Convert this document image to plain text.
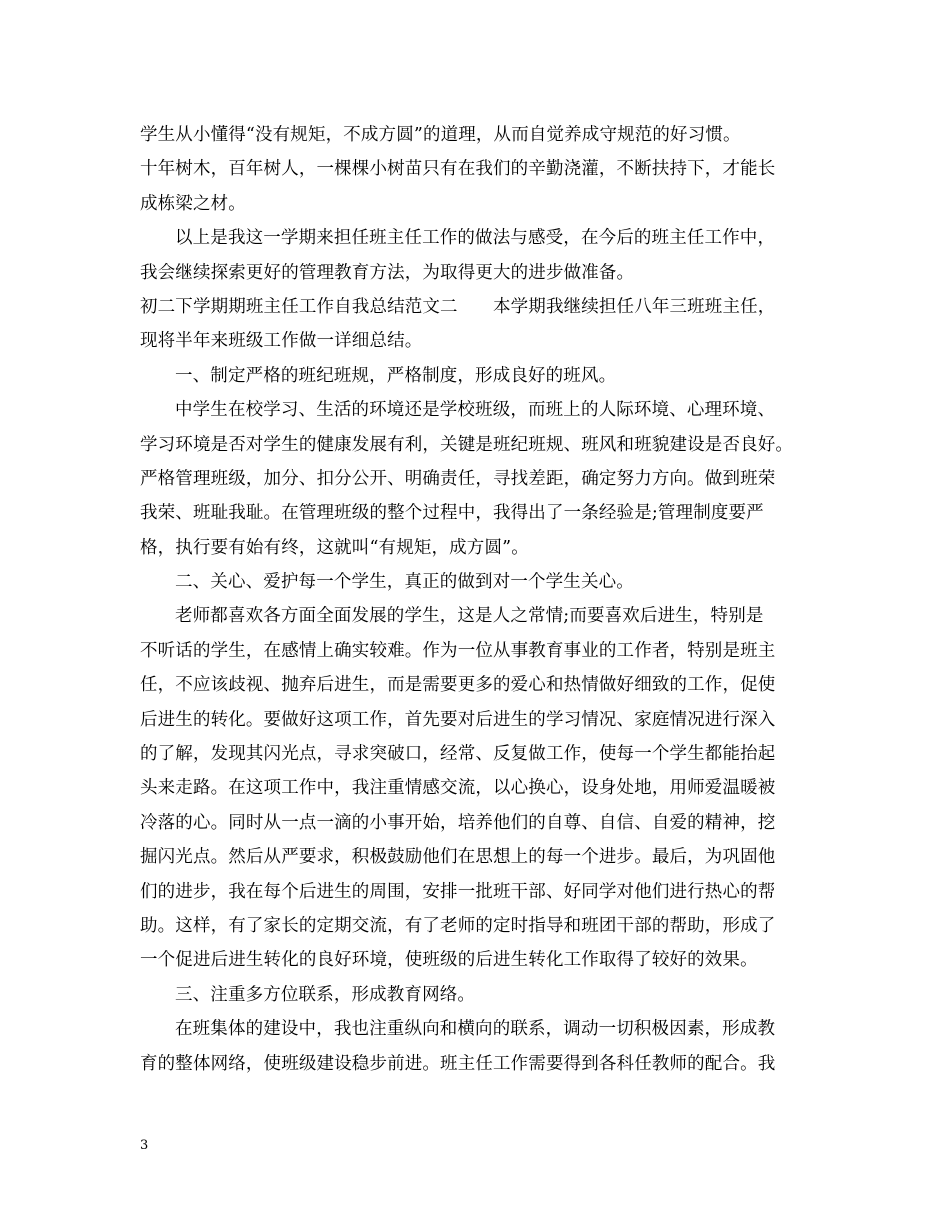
学生从小懂得“没有规矩，不成方圆”的道理，从而自觉养成守规范的好习惯。
十年树木，百年树人，一棵棵小树苗只有在我们的辛勤浇灌，不断扶持下，才能长
成栋梁之材。
以上是我这一学期来担任班主任工作的做法与感受，在今后的班主任工作中，
我会继续探索更好的管理教育方法，为取得更大的进步做准备。
初二下学期期班主任工作自我总结范文二　　本学期我继续担任八年三班班主任，
现将半年来班级工作做一详细总结。
一、制定严格的班纪班规，严格制度，形成良好的班风。
中学生在校学习、生活的环境还是学校班级，而班上的人际环境、心理环境、
学习环境是否对学生的健康发展有利，关键是班纪班规、班风和班貌建设是否良好。
严格管理班级，加分、扣分公开、明确责任，寻找差距，确定努力方向。做到班荣
我荣、班耻我耻。在管理班级的整个过程中，我得出了一条经验是;管理制度要严
格，执行要有始有终，这就叫“有规矩，成方圆”。
二、关心、爱护每一个学生，真正的做到对一个学生关心。
老师都喜欢各方面全面发展的学生，这是人之常情;而要喜欢后进生，特别是
不听话的学生，在感情上确实较难。作为一位从事教育事业的工作者，特别是班主
任，不应该歧视、抛弃后进生，而是需要更多的爱心和热情做好细致的工作，促使
后进生的转化。要做好这项工作，首先要对后进生的学习情况、家庭情况进行深入
的了解，发现其闪光点，寻求突破口，经常、反复做工作，使每一个学生都能抬起
头来走路。在这项工作中，我注重情感交流，以心换心，设身处地，用师爱温暖被
冷落的心。同时从一点一滴的小事开始，培养他们的自尊、自信、自爱的精神，挖
掘闪光点。然后从严要求，积极鼓励他们在思想上的每一个进步。最后，为巩固他
们的进步，我在每个后进生的周围，安排一批班干部、好同学对他们进行热心的帮
助。这样，有了家长的定期交流，有了老师的定时指导和班团干部的帮助，形成了
一个促进后进生转化的良好环境，使班级的后进生转化工作取得了较好的效果。
三、注重多方位联系，形成教育网络。
在班集体的建设中，我也注重纵向和横向的联系，调动一切积极因素，形成教
育的整体网络，使班级建设稳步前进。班主任工作需要得到各科任教师的配合。我
3
